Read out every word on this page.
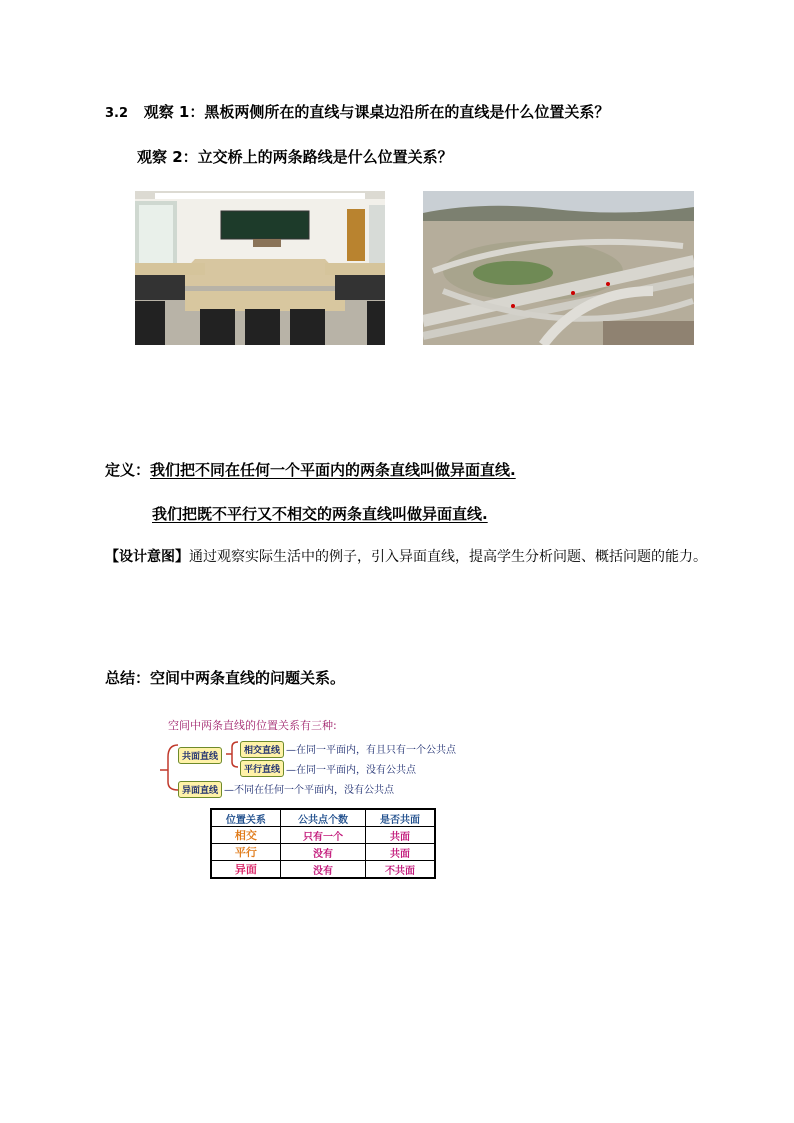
3.2 观察 1：黑板两侧所在的直线与课桌边沿所在的直线是什么位置关系？
观察 2：立交桥上的两条路线是什么位置关系？
定义：我们把不同在任何一个平面内的两条直线叫做异面直线.
我们把既不平行又不相交的两条直线叫做异面直线.
【设计意图】通过观察实际生活中的例子，引入异面直线，提高学生分析问题、概括问题的能力。
总结：空间中两条直线的问题关系。
空间中两条直线的位置关系有三种:
共面直线
相交直线 —在同一平面内，有且只有一个公共点
平行直线 —在同一平面内，没有公共点
异面直线 —不同在任何一个平面内，没有公共点
位置关系	公共点个数	是否共面
相交	只有一个	共面
平行	没有	共面
异面	没有	不共面
